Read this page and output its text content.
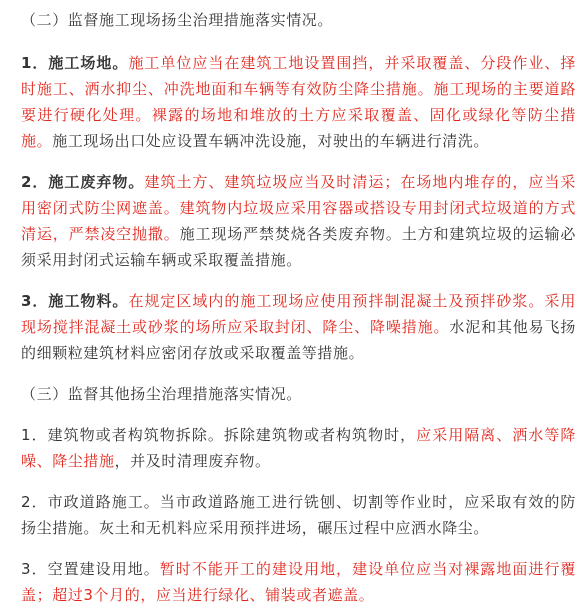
（二）监督施工现场扬尘治理措施落实情况。

1．施工场地。施工单位应当在建筑工地设置围挡，并采取覆盖、分段作业、择时施工、洒水抑尘、冲洗地面和车辆等有效防尘降尘措施。施工现场的主要道路要进行硬化处理。裸露的场地和堆放的土方应采取覆盖、固化或绿化等防尘措施。施工现场出口处应设置车辆冲洗设施，对驶出的车辆进行清洗。

2．施工废弃物。建筑土方、建筑垃圾应当及时清运；在场地内堆存的，应当采用密闭式防尘网遮盖。建筑物内垃圾应采用容器或搭设专用封闭式垃圾道的方式清运，严禁凌空抛撒。施工现场严禁焚烧各类废弃物。土方和建筑垃圾的运输必须采用封闭式运输车辆或采取覆盖措施。

3．施工物料。在规定区域内的施工现场应使用预拌制混凝土及预拌砂浆。采用现场搅拌混凝土或砂浆的场所应采取封闭、降尘、降噪措施。水泥和其他易飞扬的细颗粒建筑材料应密闭存放或采取覆盖等措施。

（三）监督其他扬尘治理措施落实情况。

1．建筑物或者构筑物拆除。拆除建筑物或者构筑物时，应采用隔离、洒水等降噪、降尘措施，并及时清理废弃物。

2．市政道路施工。当市政道路施工进行铣刨、切割等作业时，应采取有效的防扬尘措施。灰土和无机料应采用预拌进场，碾压过程中应洒水降尘。

3．空置建设用地。暂时不能开工的建设用地，建设单位应当对裸露地面进行覆盖；超过3个月的，应当进行绿化、铺装或者遮盖。
